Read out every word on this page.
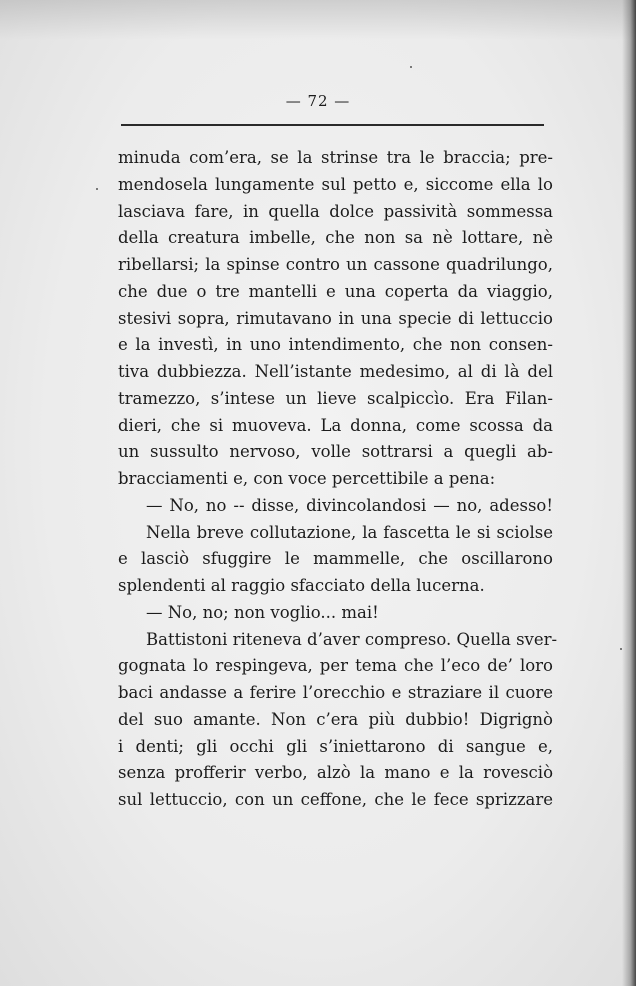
— 72 —
minuda com’era, se la strinse tra le braccia; pre-
mendosela lungamente sul petto e, siccome ella lo
lasciava fare, in quella dolce passività sommessa
della creatura imbelle, che non sa nè lottare, nè
ribellarsi; la spinse contro un cassone quadrilungo,
che due o tre mantelli e una coperta da viaggio,
stesivi sopra, rimutavano in una specie di lettuccio
e la investì, in uno intendimento, che non consen-
tiva dubbiezza. Nell’istante medesimo, al di là del
tramezzo, s’intese un lieve scalpiccìo. Era Filan-
dieri, che si muoveva. La donna, come scossa da
un sussulto nervoso, volle sottrarsi a quegli ab-
bracciamenti e, con voce percettibile a pena:
— No, no -- disse, divincolandosi — no, adesso!
Nella breve collutazione, la fascetta le si sciolse
e lasciò sfuggire le mammelle, che oscillarono
splendenti al raggio sfacciato della lucerna.
— No, no; non voglio... mai!
Battistoni riteneva d’aver compreso. Quella sver-
gognata lo respingeva, per tema che l’eco de’ loro
baci andasse a ferire l’orecchio e straziare il cuore
del suo amante. Non c’era più dubbio! Digrignò
i denti; gli occhi gli s’iniettarono di sangue e,
senza profferir verbo, alzò la mano e la rovesciò
sul lettuccio, con un ceffone, che le fece sprizzare
